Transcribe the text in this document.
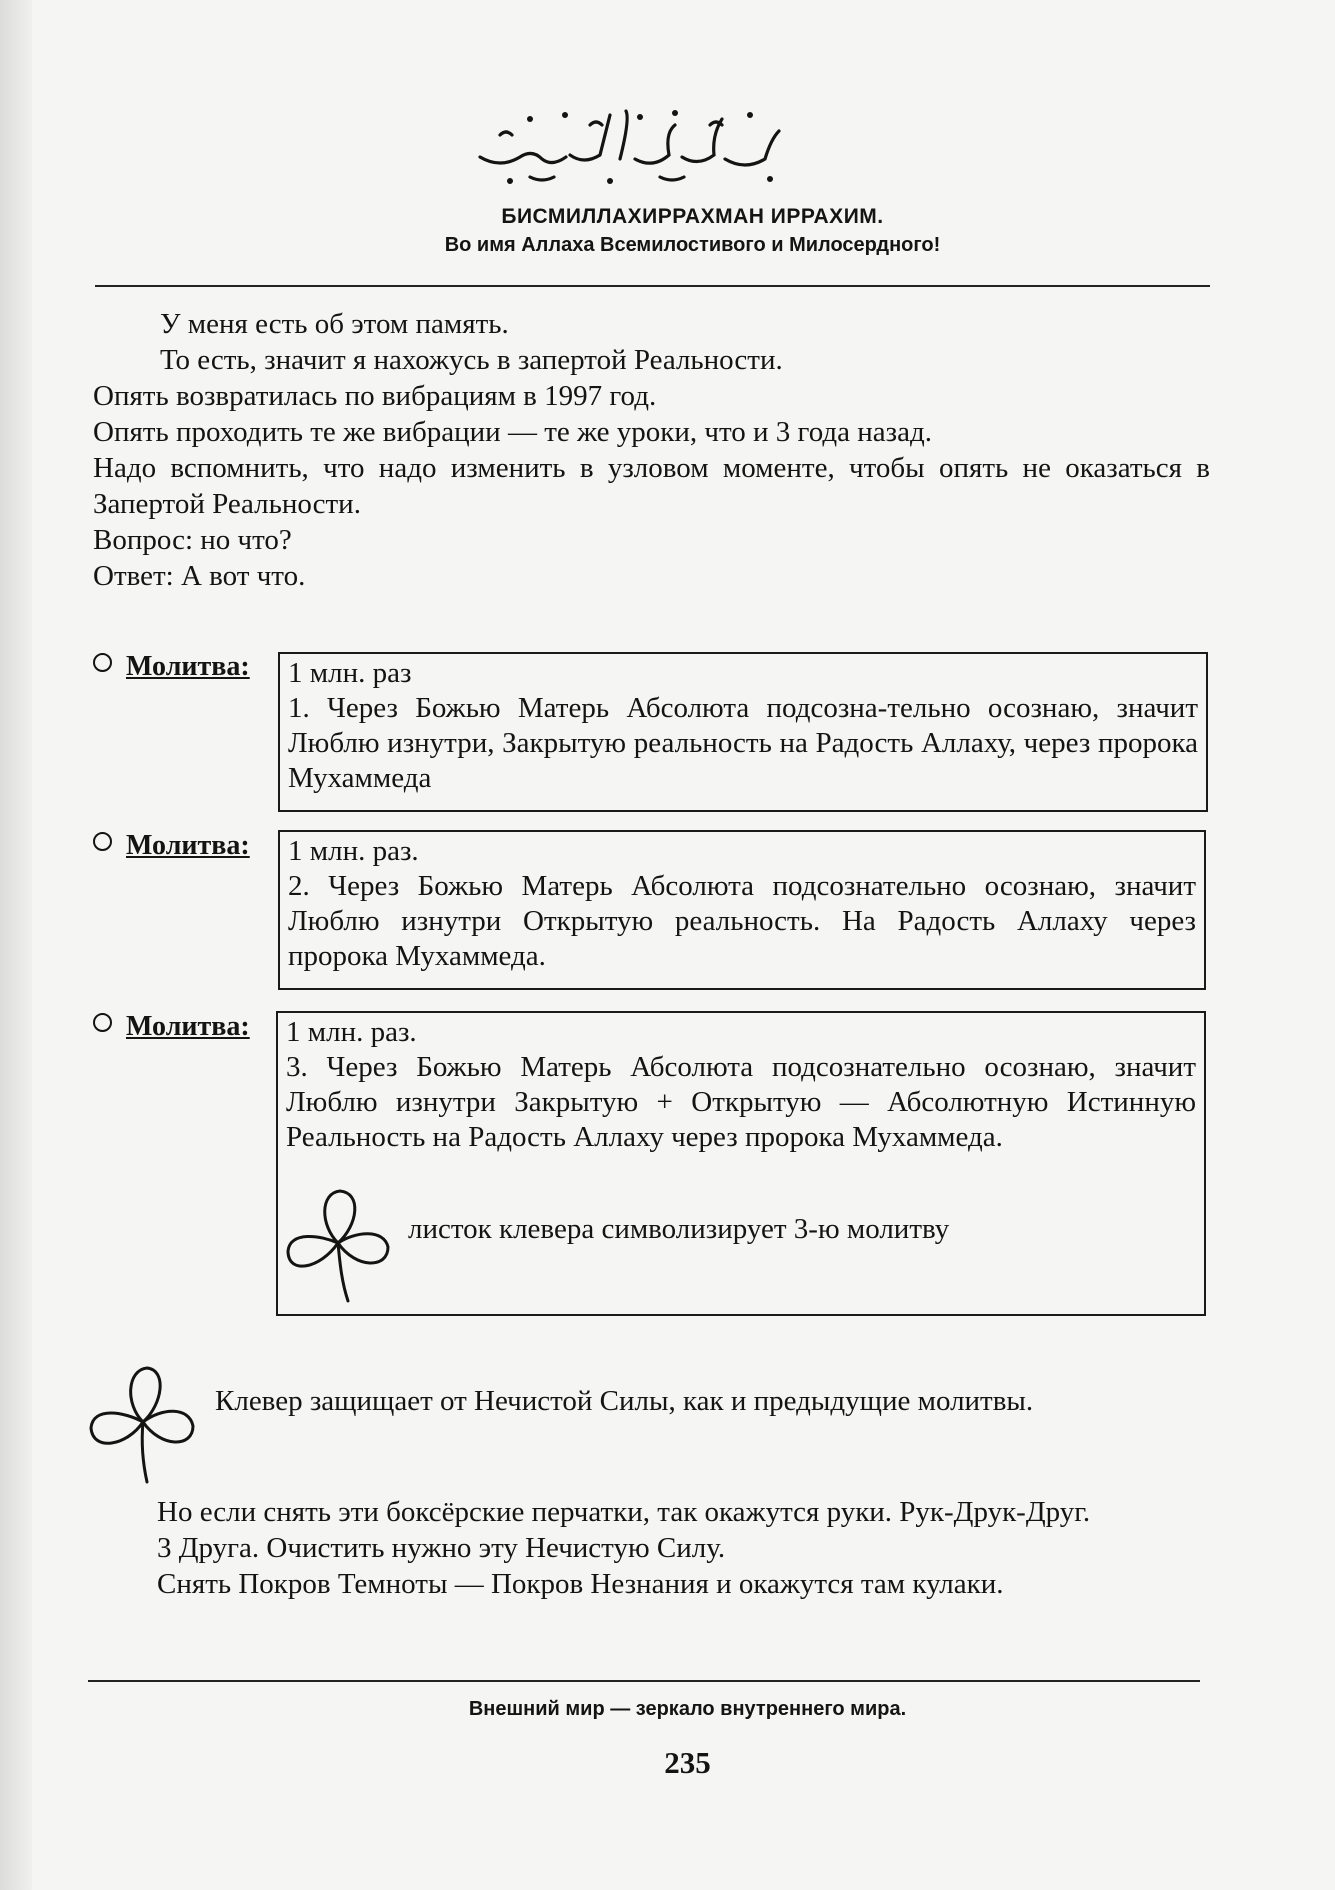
БИСМИЛЛАХИРРАХМАН ИРРАХИМ.
Во имя Аллаха Всемилостивого и Милосердного!

У меня есть об этом память.

То есть, значит я нахожусь в запертой Реальности.

Опять возвратилась по вибрациям в 1997 год.

Опять проходить те же вибрации — те же уроки, что и 3 года назад.

Надо вспомнить, что надо изменить в узловом моменте, чтобы опять не оказаться в Запертой Реальности.

Вопрос: но что?

Ответ: А вот что.

Молитва: 1 млн. раз

1. Через Божью Матерь Абсолюта подсозна-тельно осознаю, значит Люблю изнутри, Закрытую реальность на Радость Аллаху, через пророка Мухаммеда

Молитва: 1 млн. раз.

2. Через Божью Матерь Абсолюта подсознательно осознаю, значит Люблю изнутри Открытую реальность. На Радость Аллаху через пророка Мухаммеда.

Молитва: 1 млн. раз.

3. Через Божью Матерь Абсолюта подсознательно осознаю, значит Люблю изнутри Закрытую + Открытую — Абсолютную Истинную Реальность на Радость Аллаху через пророка Мухаммеда.

листок клевера символизирует 3-ю молитву

Клевер защищает от Нечистой Силы, как и предыдущие молитвы.

Но если снять эти боксёрские перчатки, так окажутся руки. Рук-Друк-Друг.

3 Друга. Очистить нужно эту Нечистую Силу.

Снять Покров Темноты — Покров Незнания и окажутся там кулаки.

Внешний мир — зеркало внутреннего мира.
235
